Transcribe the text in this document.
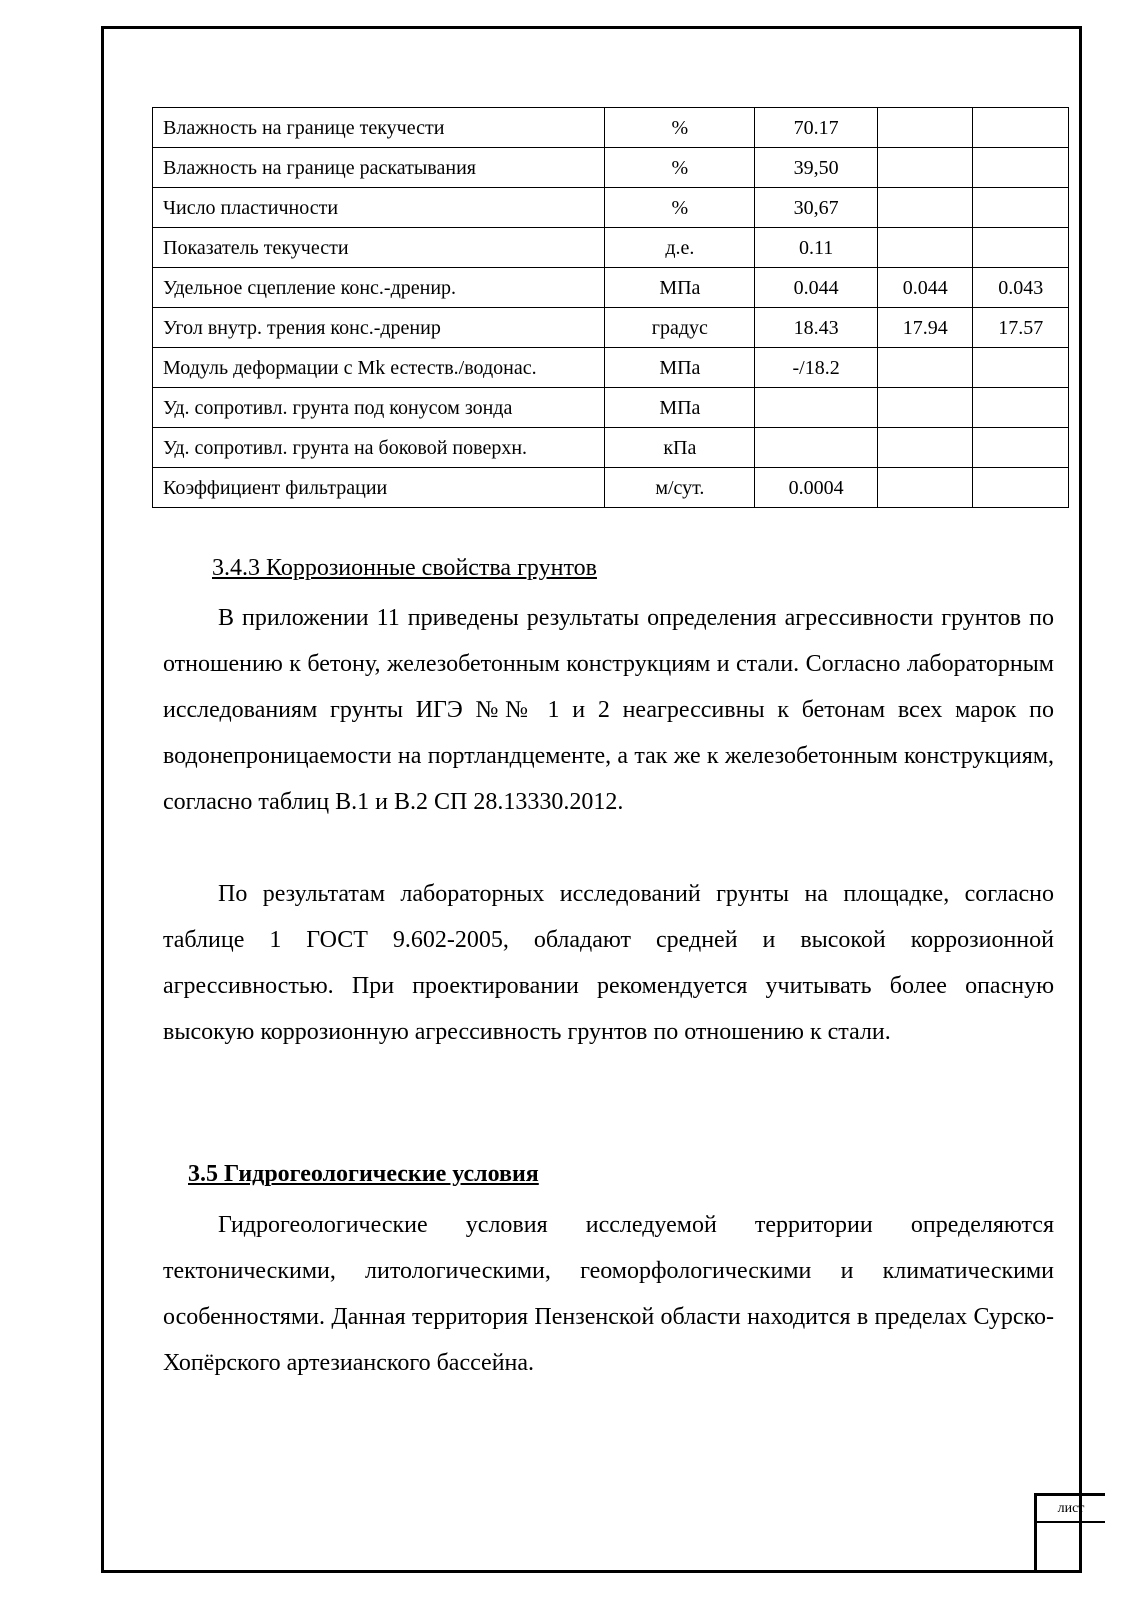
Влажность на границе текучести	%	70.17		
Влажность на границе раскатывания	%	39,50		
Число пластичности	%	30,67		
Показатель текучести	д.е.	0.11		
Удельное сцепление конс.-дренир.	МПа	0.044	0.044	0.043
Угол внутр. трения конс.-дренир	градус	18.43	17.94	17.57
Модуль деформации с Mk естеств./водонас.	МПа	-/18.2		
Уд. сопротивл. грунта под конусом зонда	МПа			
Уд. сопротивл. грунта на боковой поверхн.	кПа			
Коэффициент фильтрации	м/сут.	0.0004		
3.4.3 Коррозионные свойства грунтов
В приложении 11 приведены результаты определения агрессивности грунтов по отношению к бетону, железобетонным конструкциям и стали. Согласно лабораторным исследованиям грунты ИГЭ №№ 1 и 2 неагрессивны к бетонам всех марок по водонепроницаемости на портландцементе, а так же к железобетонным конструкциям, согласно таблиц В.1 и В.2 СП 28.13330.2012.
По результатам лабораторных исследований грунты на площадке, согласно таблице 1 ГОСТ 9.602-2005, обладают средней и высокой коррозионной агрессивностью. При проектировании рекомендуется учитывать более опасную высокую коррозионную агрессивность грунтов по отношению к стали.
3.5 Гидрогеологические условия
Гидрогеологические условия исследуемой территории определяются тектоническими, литологическими, геоморфологическими и климатическими особенностями. Данная территория Пензенской области находится в пределах Сурско-Хопёрского артезианского бассейна.
лист
